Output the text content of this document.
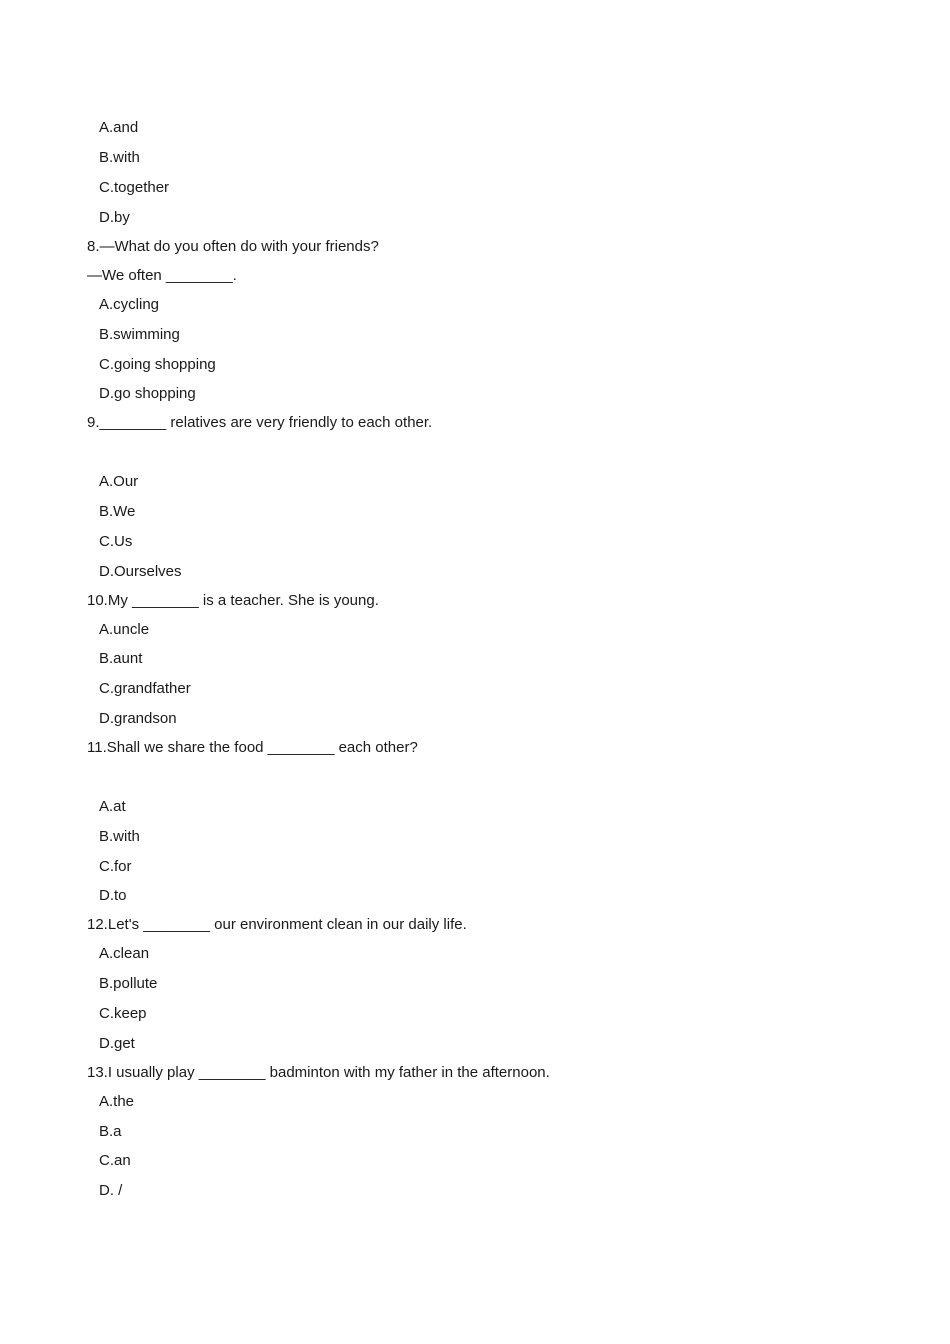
A.and
B.with
C.together
D.by
8.—What do you often do with your friends?
—We often ________.
A.cycling
B.swimming
C.going shopping
D.go shopping
9.________ relatives are very friendly to each other.
A.Our
B.We
C.Us
D.Ourselves
10.My ________ is a teacher. She is young.
A.uncle
B.aunt
C.grandfather
D.grandson
11.Shall we share the food ________ each other?
A.at
B.with
C.for
D.to
12.Let's ________ our environment clean in our daily life.
A.clean
B.pollute
C.keep
D.get
13.I usually play ________ badminton with my father in the afternoon.
A.the
B.a
C.an
D. /
